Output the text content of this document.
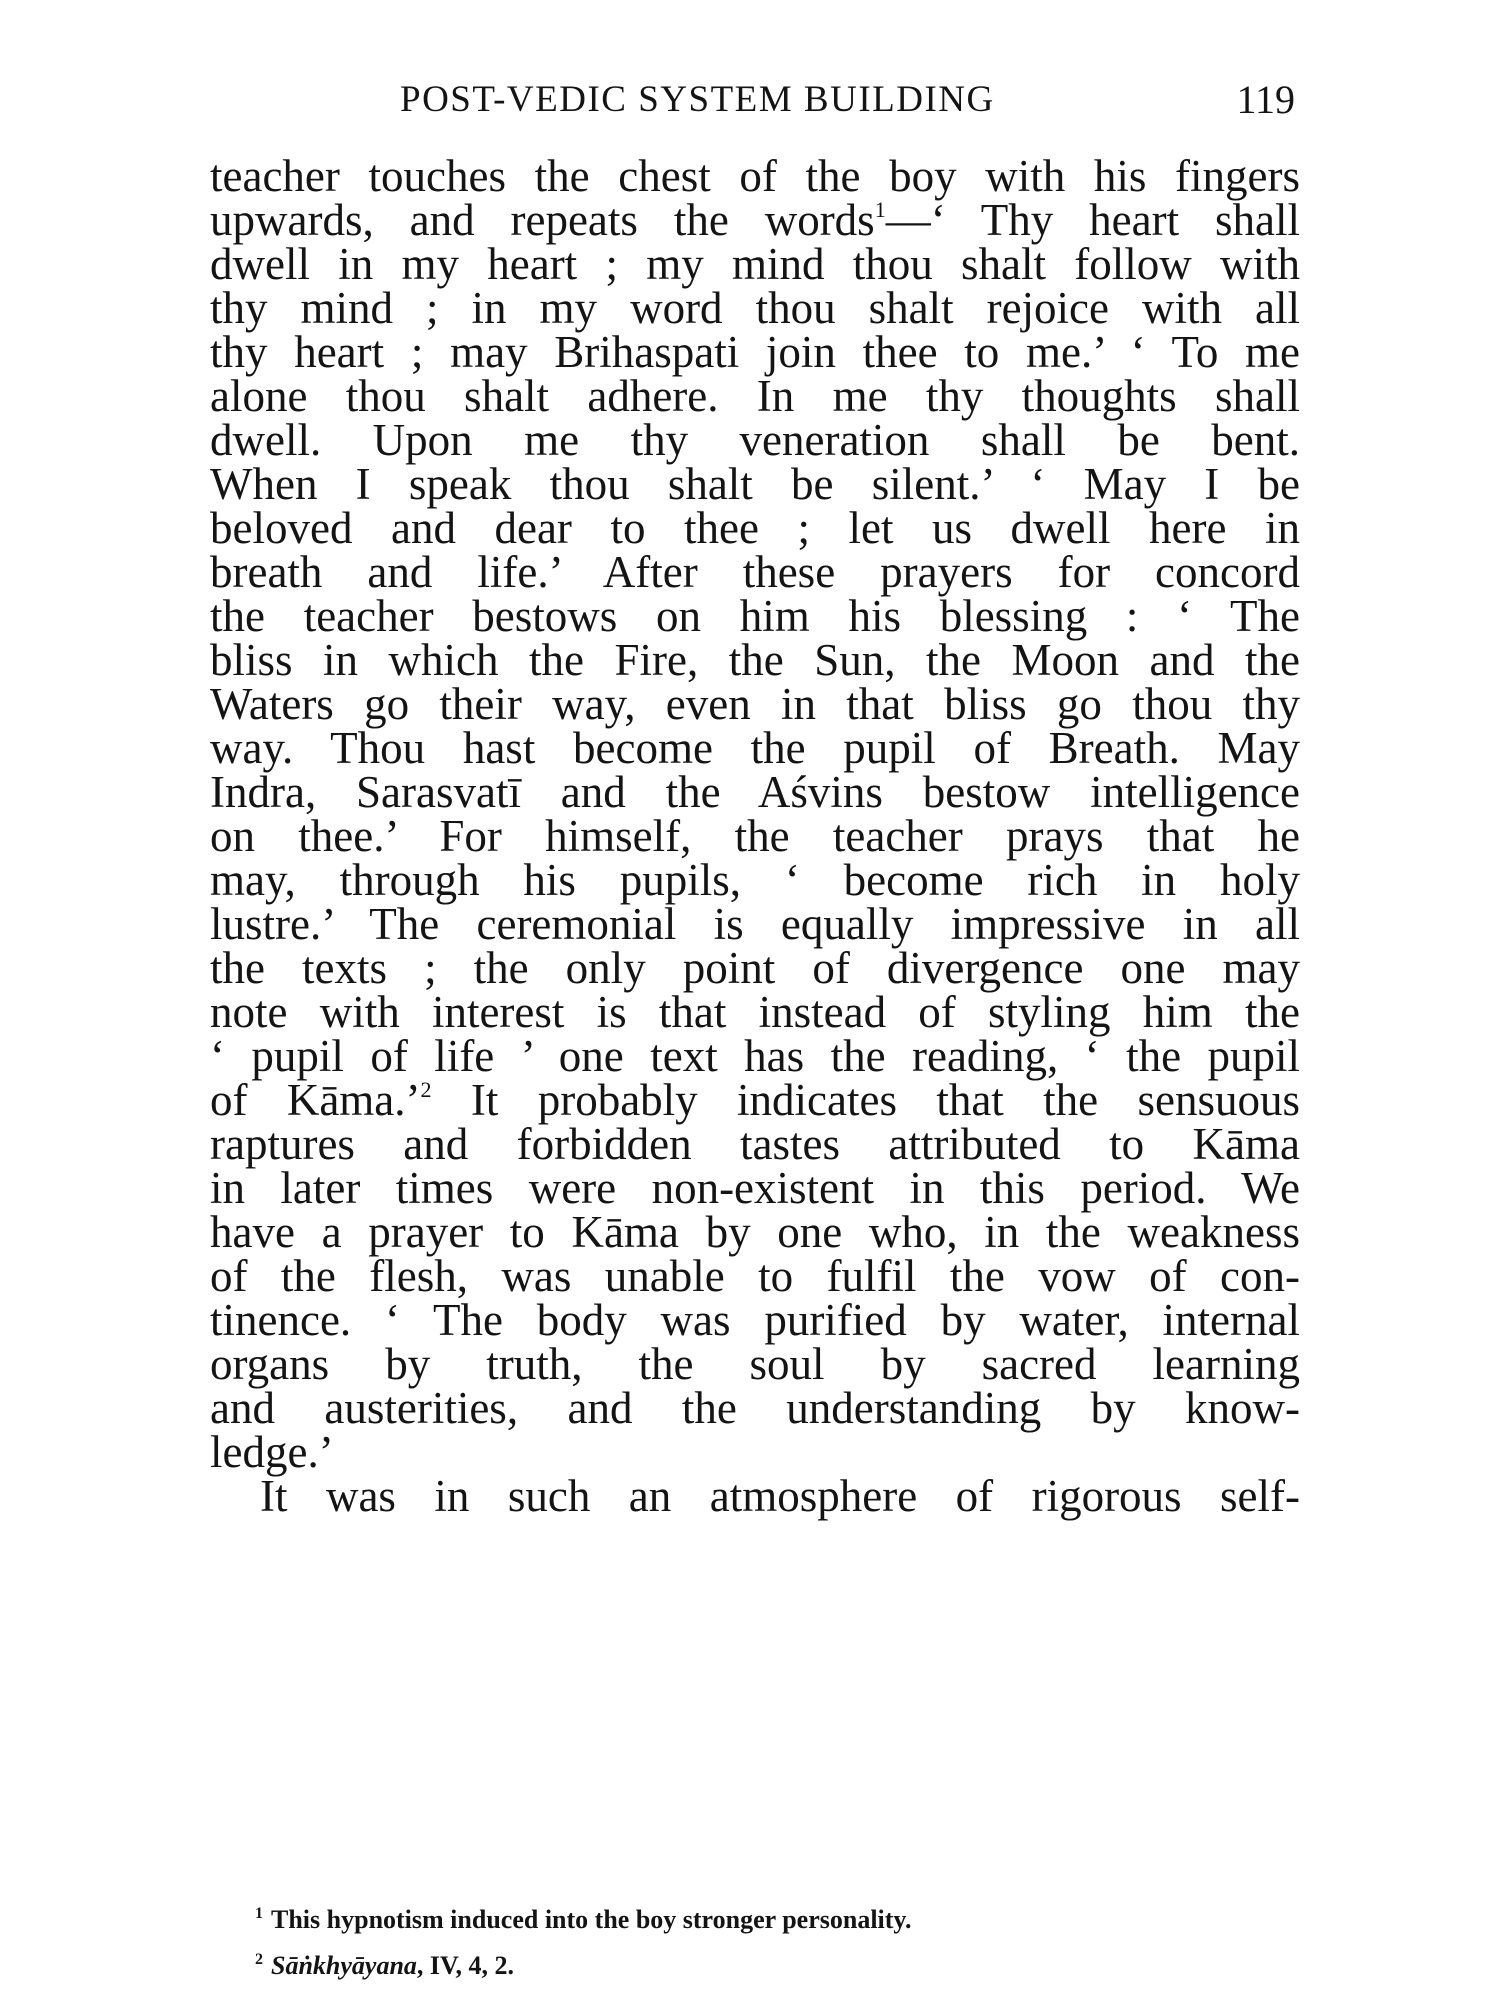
POST-VEDIC SYSTEM BUILDING	119
teacher touches the chest of the boy with his fingers
upwards, and repeats the words$^1$—‘ Thy heart shall
dwell in my heart ; my mind thou shalt follow with
thy mind ; in my word thou shalt rejoice with all
thy heart ; may Brihaspati join thee to me.’ ‘ To me
alone thou shalt adhere. In me thy thoughts shall
dwell. Upon me thy veneration shall be bent.
When I speak thou shalt be silent.’ ‘ May I be
beloved and dear to thee ; let us dwell here in
breath and life.’ After these prayers for concord
the teacher bestows on him his blessing : ‘ The
bliss in which the Fire, the Sun, the Moon and the
Waters go their way, even in that bliss go thou thy
way. Thou hast become the pupil of Breath. May
Indra, Sarasvatī and the Aśvins bestow intelligence
on thee.’ For himself, the teacher prays that he
may, through his pupils, ‘ become rich in holy
lustre.’ The ceremonial is equally impressive in all
the texts ; the only point of divergence one may
note with interest is that instead of styling him the
‘ pupil of life ’ one text has the reading, ‘ the pupil
of Kāma.’$^2$ It probably indicates that the sensuous
raptures and forbidden tastes attributed to Kāma
in later times were non-existent in this period. We
have a prayer to Kāma by one who, in the weakness
of the flesh, was unable to fulfil the vow of con-
tinence. ‘ The body was purified by water, internal
organs by truth, the soul by sacred learning
and austerities, and the understanding by know-
ledge.’
It was in such an atmosphere of rigorous self-
$^1$ This hypnotism induced into the boy stronger personality.
$^2$ Sāṅkhyāyana, IV, 4, 2.
